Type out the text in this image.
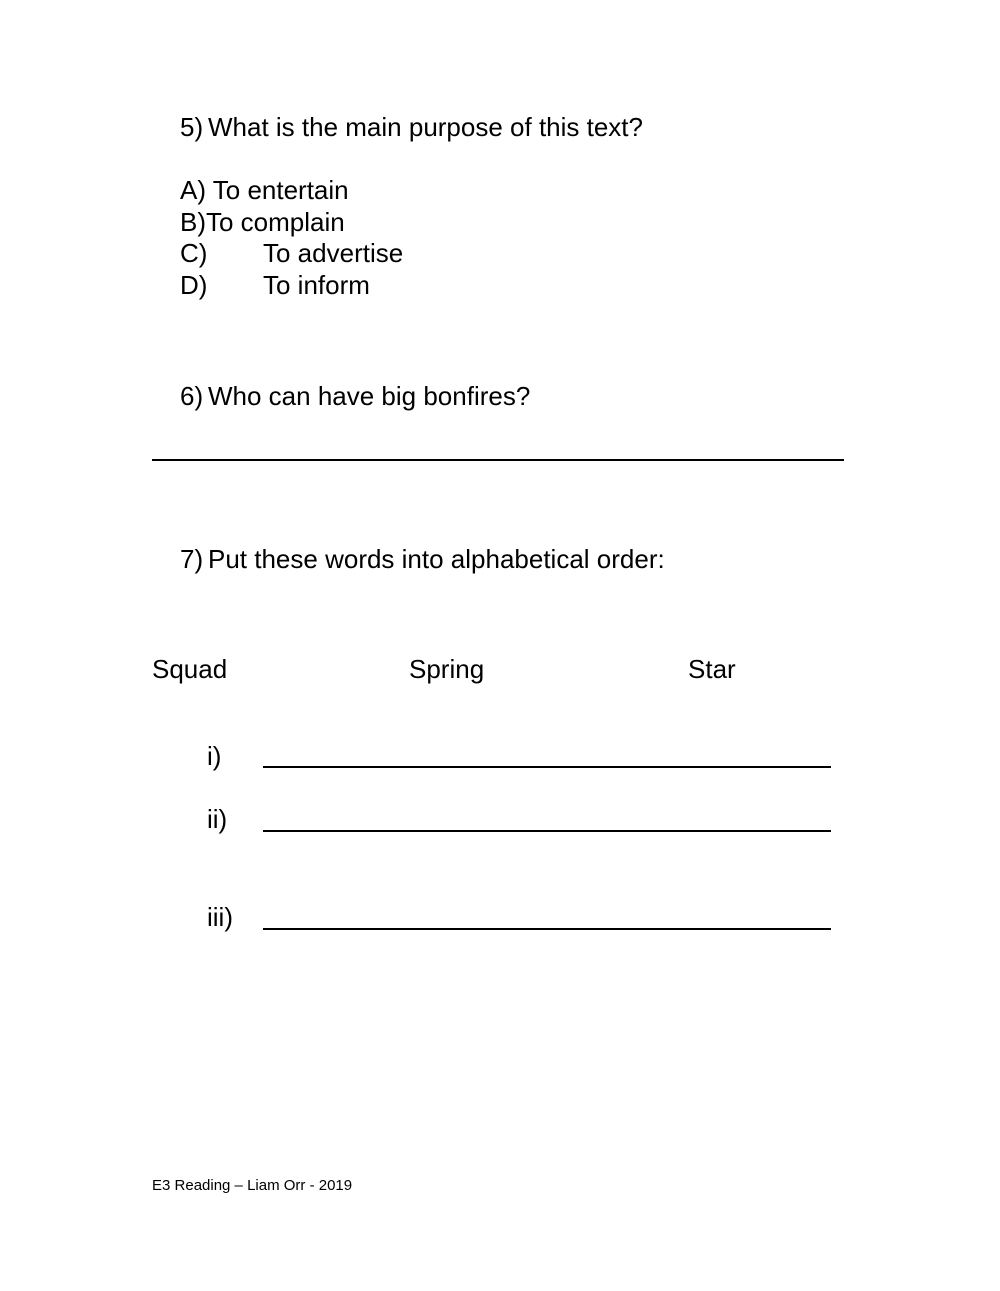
5) What is the main purpose of this text?
A) To entertain
B)To complain
C) To advertise
D) To inform
6) Who can have big bonfires?
7) Put these words into alphabetical order:
Squad	Spring	Star
i)
ii)
iii)
E3 Reading – Liam Orr - 2019
